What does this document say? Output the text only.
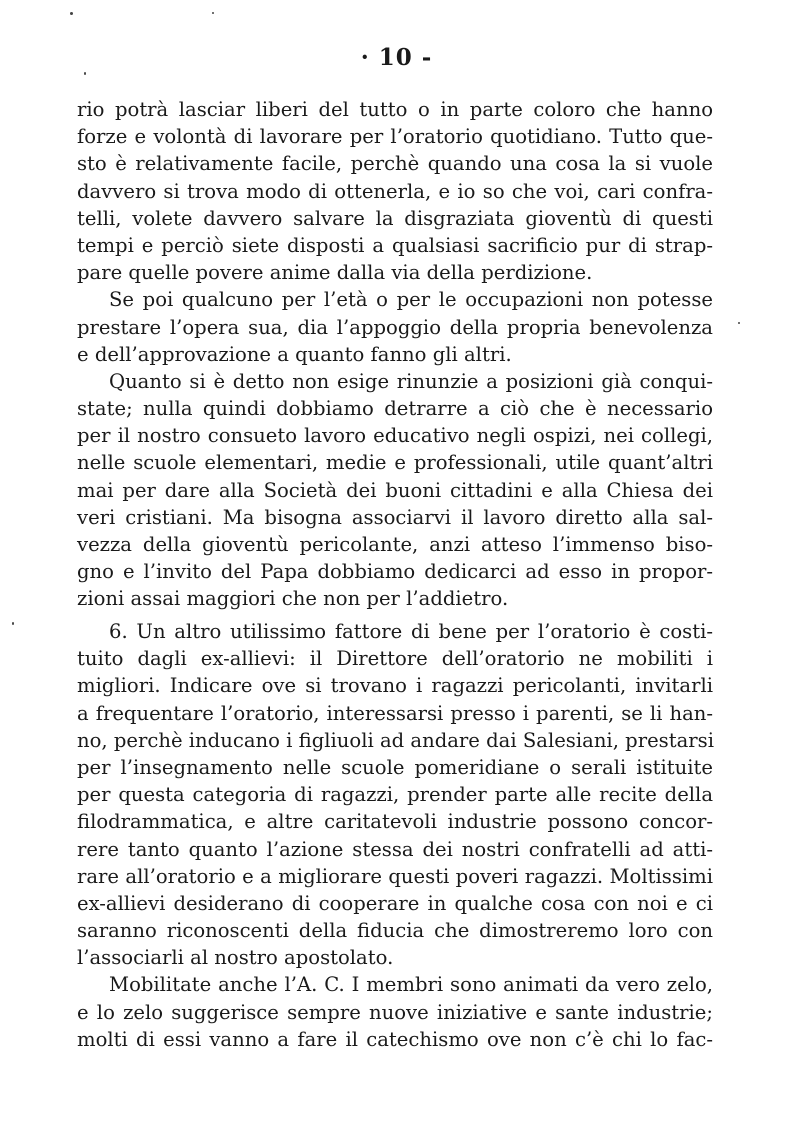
· 10 -
rio potrà lasciar liberi del tutto o in parte coloro che hanno
forze e volontà di lavorare per l’oratorio quotidiano. Tutto que-
sto è relativamente facile, perchè quando una cosa la si vuole
davvero si trova modo di ottenerla, e io so che voi, cari confra-
telli, volete davvero salvare la disgraziata gioventù di questi
tempi e perciò siete disposti a qualsiasi sacrificio pur di strap-
pare quelle povere anime dalla via della perdizione.
Se poi qualcuno per l’età o per le occupazioni non potesse
prestare l’opera sua, dia l’appoggio della propria benevolenza
e dell’approvazione a quanto fanno gli altri.
Quanto si è detto non esige rinunzie a posizioni già conqui-
state; nulla quindi dobbiamo detrarre a ciò che è necessario
per il nostro consueto lavoro educativo negli ospizi, nei collegi,
nelle scuole elementari, medie e professionali, utile quant’altri
mai per dare alla Società dei buoni cittadini e alla Chiesa dei
veri cristiani. Ma bisogna associarvi il lavoro diretto alla sal-
vezza della gioventù pericolante, anzi atteso l’immenso biso-
gno e l’invito del Papa dobbiamo dedicarci ad esso in propor-
zioni assai maggiori che non per l’addietro.
6. Un altro utilissimo fattore di bene per l’oratorio è costi-
tuito dagli ex-allievi: il Direttore dell’oratorio ne mobiliti i
migliori. Indicare ove si trovano i ragazzi pericolanti, invitarli
a frequentare l’oratorio, interessarsi presso i parenti, se li han-
no, perchè inducano i figliuoli ad andare dai Salesiani, prestarsi
per l’insegnamento nelle scuole pomeridiane o serali istituite
per questa categoria di ragazzi, prender parte alle recite della
filodrammatica, e altre caritatevoli industrie possono concor-
rere tanto quanto l’azione stessa dei nostri confratelli ad atti-
rare all’oratorio e a migliorare questi poveri ragazzi. Moltissimi
ex-allievi desiderano di cooperare in qualche cosa con noi e ci
saranno riconoscenti della fiducia che dimostreremo loro con
l’associarli al nostro apostolato.
Mobilitate anche l’A. C. I membri sono animati da vero zelo,
e lo zelo suggerisce sempre nuove iniziative e sante industrie;
molti di essi vanno a fare il catechismo ove non c’è chi lo fac-
